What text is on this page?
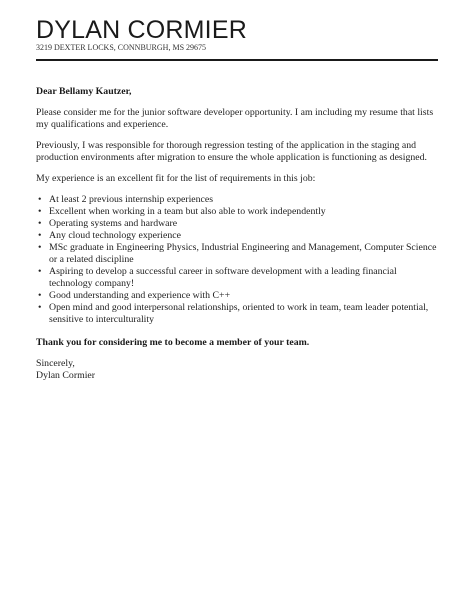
DYLAN CORMIER
3219 DEXTER LOCKS, CONNBURGH, MS 29675

Dear Bellamy Kautzer,

Please consider me for the junior software developer opportunity. I am including my resume that lists my qualifications and experience.

Previously, I was responsible for thorough regression testing of the application in the staging and production environments after migration to ensure the whole application is functioning as designed.

My experience is an excellent fit for the list of requirements in this job:

• At least 2 previous internship experiences
• Excellent when working in a team but also able to work independently
• Operating systems and hardware
• Any cloud technology experience
• MSc graduate in Engineering Physics, Industrial Engineering and Management, Computer Science or a related discipline
• Aspiring to develop a successful career in software development with a leading financial technology company!
• Good understanding and experience with C++
• Open mind and good interpersonal relationships, oriented to work in team, team leader potential, sensitive to interculturality

Thank you for considering me to become a member of your team.

Sincerely,

Dylan Cormier
